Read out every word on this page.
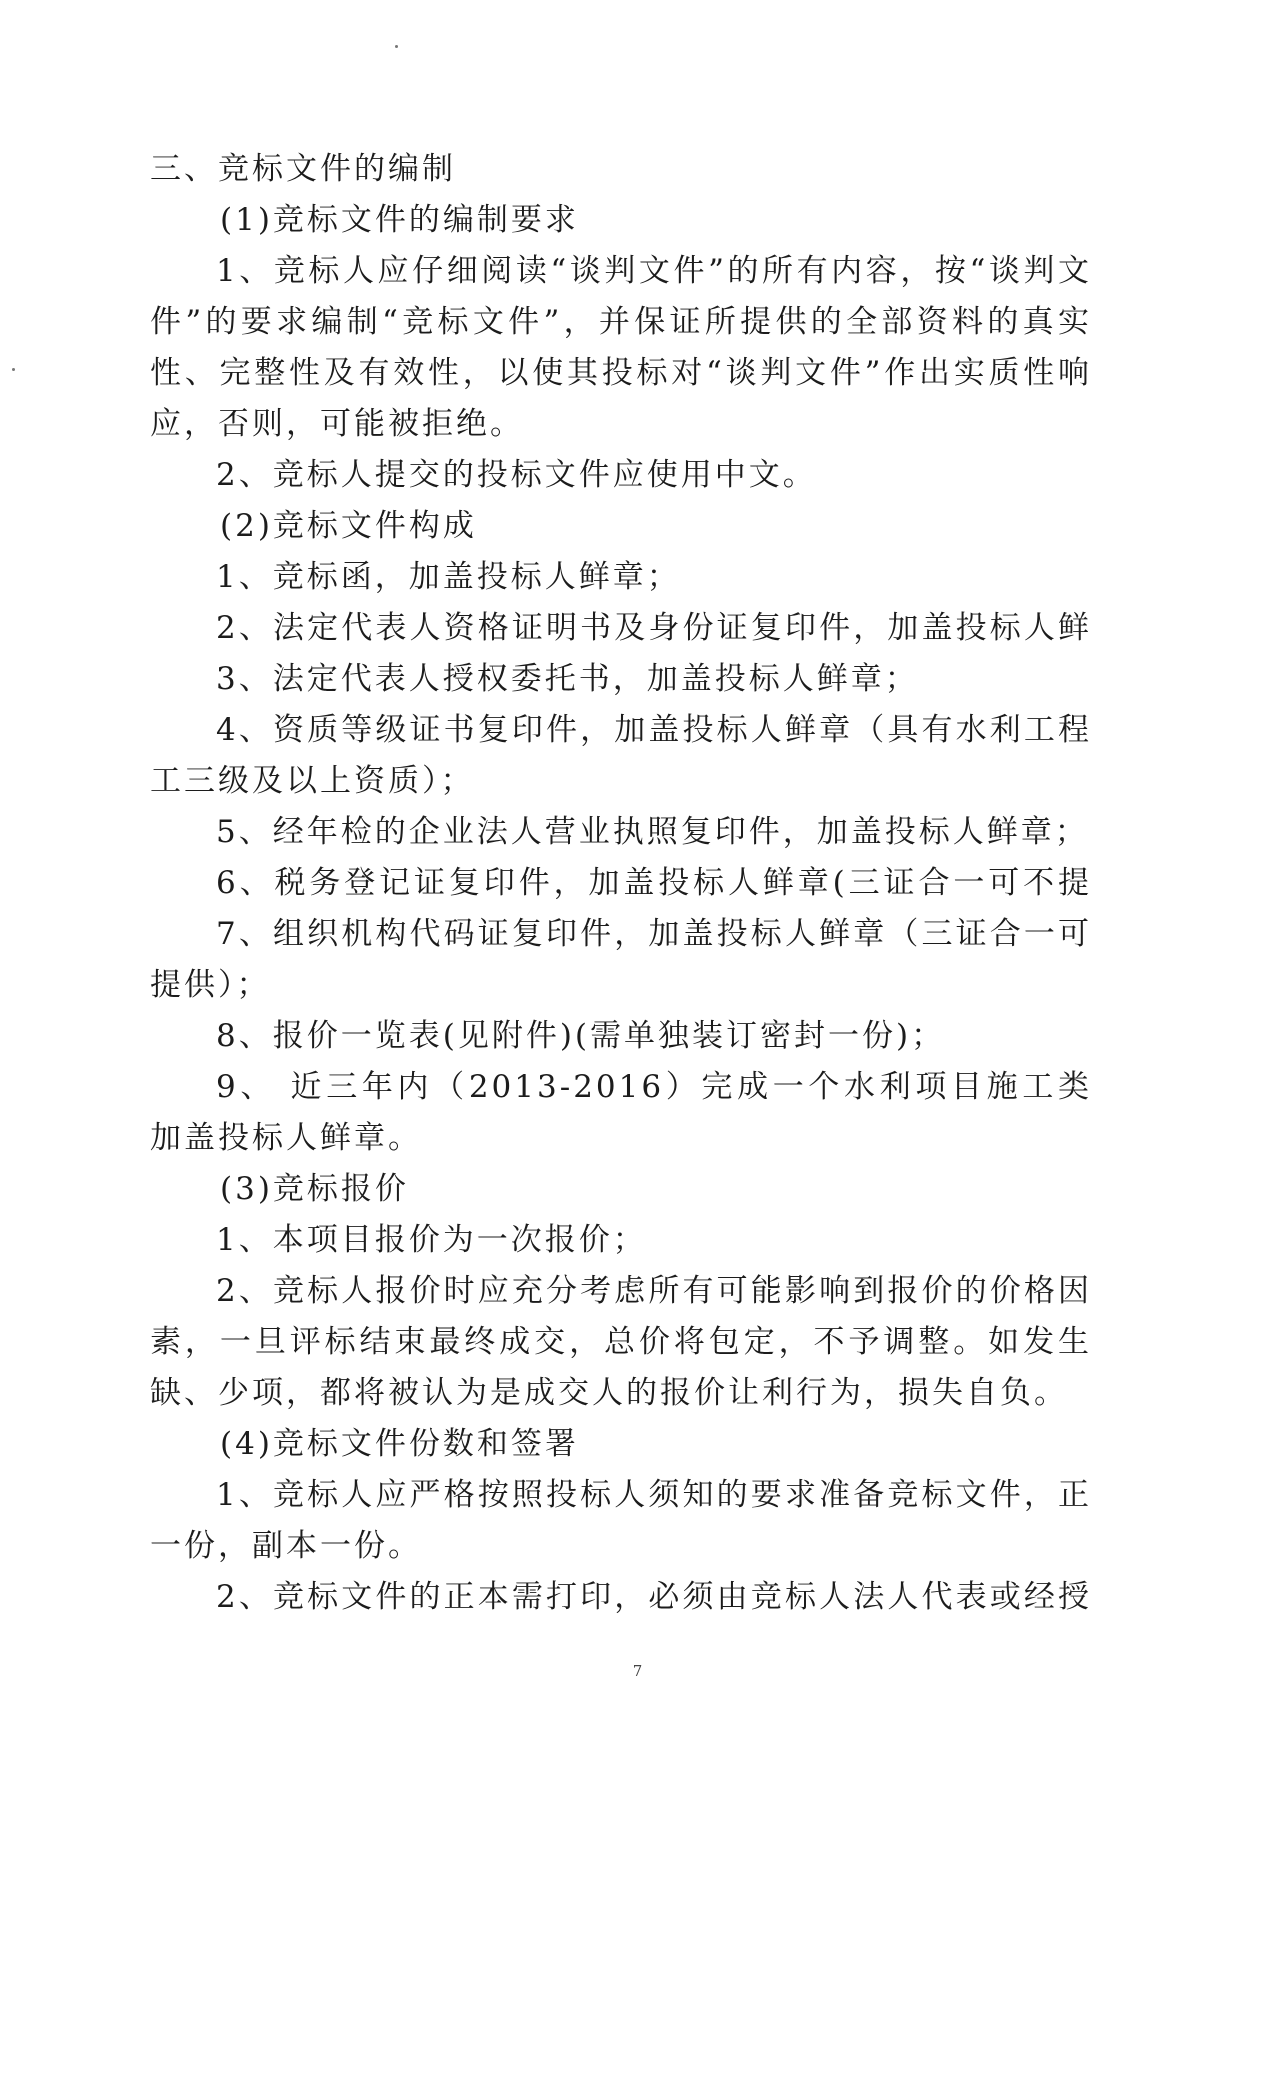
三、竞标文件的编制
(1)竞标文件的编制要求
1、竞标人应仔细阅读“谈判文件”的所有内容，按“谈判文
件”的要求编制“竞标文件”，并保证所提供的全部资料的真实
性、完整性及有效性，以使其投标对“谈判文件”作出实质性响
应，否则，可能被拒绝。
2、竞标人提交的投标文件应使用中文。
(2)竞标文件构成
1、竞标函，加盖投标人鲜章；
2、法定代表人资格证明书及身份证复印件，加盖投标人鲜
3、法定代表人授权委托书，加盖投标人鲜章；
4、资质等级证书复印件，加盖投标人鲜章（具有水利工程
工三级及以上资质）；
5、经年检的企业法人营业执照复印件，加盖投标人鲜章；
6、税务登记证复印件，加盖投标人鲜章(三证合一可不提
7、组织机构代码证复印件，加盖投标人鲜章（三证合一可
提供）；
8、报价一览表(见附件)(需单独装订密封一份)；
9、 近三年内（2013-2016）完成一个水利项目施工类
加盖投标人鲜章。
(3)竞标报价
1、本项目报价为一次报价；
2、竞标人报价时应充分考虑所有可能影响到报价的价格因
素，一旦评标结束最终成交，总价将包定，不予调整。如发生
缺、少项，都将被认为是成交人的报价让利行为，损失自负。
(4)竞标文件份数和签署
1、竞标人应严格按照投标人须知的要求准备竞标文件，正
一份，副本一份。
2、竞标文件的正本需打印，必须由竞标人法人代表或经授
7
